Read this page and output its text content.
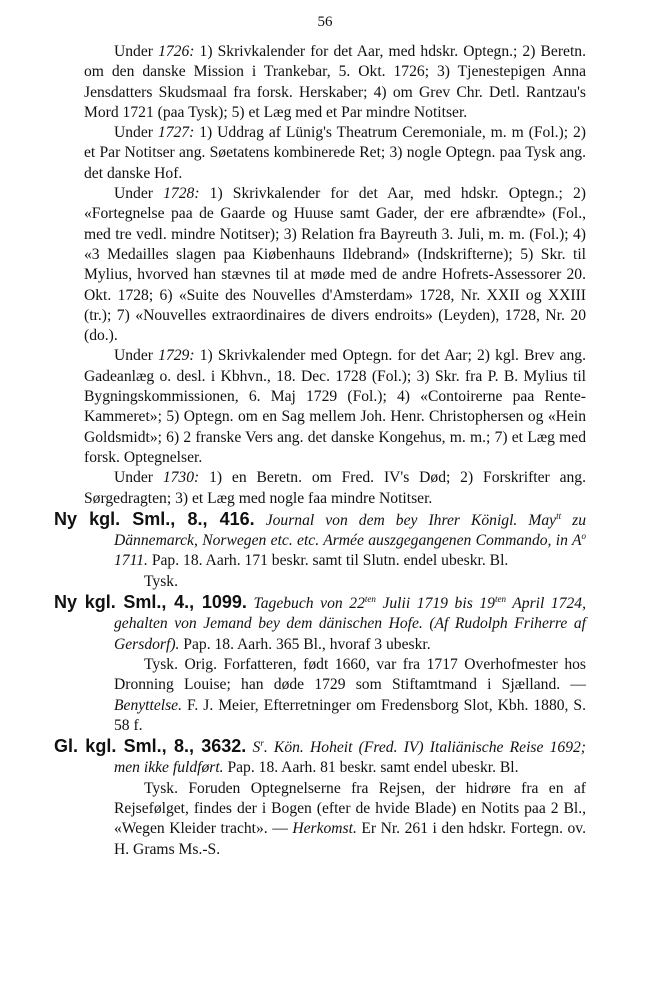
56

Under 1726: 1) Skrivkalender for det Aar, med hdskr. Optegn.; 2) Beretn. om den danske Mission i Trankebar, 5. Okt. 1726; 3) Tjenestepigen Anna Jensdatters Skudsmaal fra forsk. Herskaber; 4) om Grev Chr. Detl. Rantzau's Mord 1721 (paa Tysk); 5) et Læg med et Par mindre Notitser.

Under 1727: 1) Uddrag af Lünig's Theatrum Ceremoniale, m. m (Fol.); 2) et Par Notitser ang. Søetatens kombinerede Ret; 3) nogle Optegn. paa Tysk ang. det danske Hof.

Under 1728: 1) Skrivkalender for det Aar, med hdskr. Optegn.; 2) «Fortegnelse paa de Gaarde og Huuse samt Gader, der ere afbrændte» (Fol., med tre vedl. mindre Notitser); 3) Relation fra Bayreuth 3. Juli, m. m. (Fol.); 4) «3 Medailles slagen paa Kiøbenhauns Ildebrand» (Indskrifterne); 5) Skr. til Mylius, hvorved han stævnes til at møde med de andre Hofrets-Assessorer 20. Okt. 1728; 6) «Suite des Nouvelles d'Amsterdam» 1728, Nr. XXII og XXIII (tr.); 7) «Nouvelles extraordinaires de divers endroits» (Leyden), 1728, Nr. 20 (do.).

Under 1729: 1) Skrivkalender med Optegn. for det Aar; 2) kgl. Brev ang. Gadeanlæg o. desl. i Kbhvn., 18. Dec. 1728 (Fol.); 3) Skr. fra P. B. Mylius til Bygningskommissionen, 6. Maj 1729 (Fol.); 4) «Contoirerne paa Rente-Kammeret»; 5) Optegn. om en Sag mellem Joh. Henr. Christophersen og «Hein Goldsmidt»; 6) 2 franske Vers ang. det danske Kongehus, m. m.; 7) et Læg med forsk. Optegnelser.

Under 1730: 1) en Beretn. om Fred. IV's Død; 2) Forskrifter ang. Sørgedragten; 3) et Læg med nogle faa mindre Notitser.

Ny kgl. Sml., 8., 416. Journal von dem bey Ihrer Königl. May$^{tt}$ zu Dännemarck, Norwegen etc. etc. Armée auszgegangenen Commando, in $A^o$ 1711. Pap. 18. Aarh. 171 beskr. samt til Slutn. endel ubeskr. Bl.
Tysk.

Ny kgl. Sml., 4., 1099. Tagebuch von $22^{ten}$ Julii 1719 bis $19^{ten}$ April 1724, gehalten von Jemand bey dem dänischen Hofe. (Af Rudolph Friherre af Gersdorf). Pap. 18. Aarh. 365 Bl., hvoraf 3 ubeskr.
Tysk. Orig. Forfatteren, født 1660, var fra 1717 Overhofmester hos Dronning Louise; han døde 1729 som Stiftamtmand i Sjælland. — Benyttelse. F. J. Meier, Efterretninger om Fredensborg Slot, Kbh. 1880, S. 58 f.

Gl. kgl. Sml., 8., 3632. $S^r$. Kön. Hoheit (Fred. IV) Italiänische Reise 1692; men ikke fuldført. Pap. 18. Aarh. 81 beskr. samt endel ubeskr. Bl.
Tysk. Foruden Optegnelserne fra Rejsen, der hidrøre fra en af Rejsefølget, findes der i Bogen (efter de hvide Blade) en Notits paa 2 Bl., «Wegen Kleider tracht». — Herkomst. Er Nr. 261 i den hdskr. Fortegn. ov. H. Grams Ms.-S.
